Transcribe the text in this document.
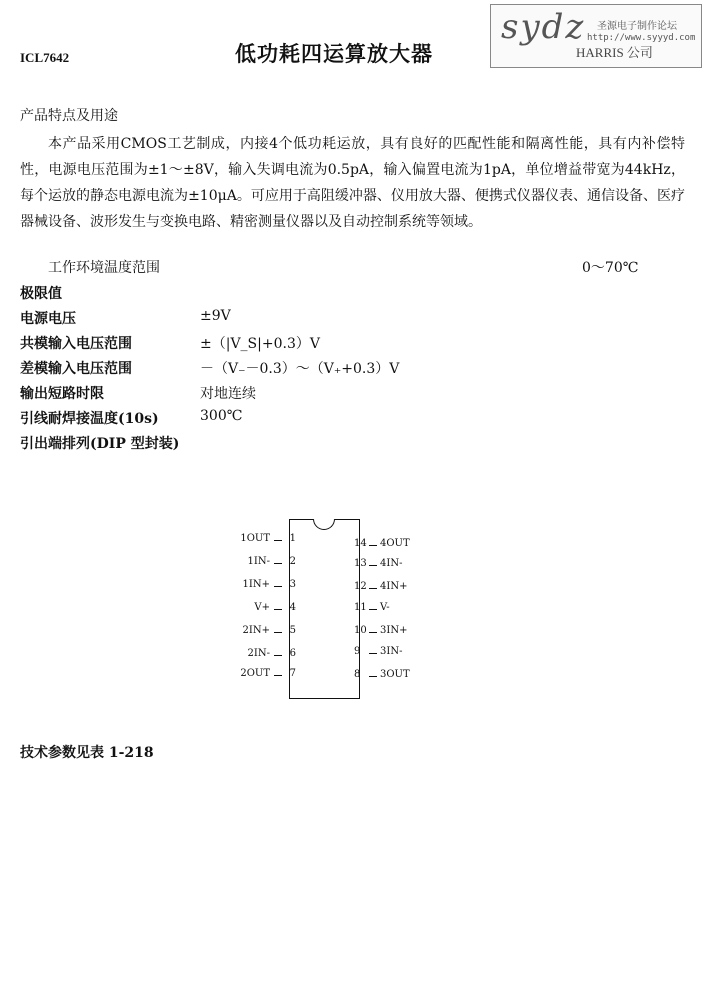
ICL7642	低功耗四运算放大器
sydz 圣源电子制作论坛
http://www.syyyd.com
HARRIS 公司
产品特点及用途

本产品采用CMOS工艺制成，内接4个低功耗运放，具有良好的匹配性能和隔离性能，具有内补偿特性，电源电压范围为±1～±8V，输入失调电流为0.5pA，输入偏置电流为1pA，单位增益带宽为44kHz，每个运放的静态电源电流为±10μA。可应用于高阻缓冲器、仪用放大器、便携式仪器仪表、通信设备、医疗器械设备、波形发生与变换电路、精密测量仪器以及自动控制系统等领域。

工作环境温度范围	0～70℃
极限值
电源电压	±9V
共模输入电压范围	±（|V_S|+0.3）V
差模输入电压范围	－（V₋－0.3）～（V₊+0.3）V
输出短路时限	对地连续
引线耐焊接温度(10s)	300℃
引出端排列(DIP 型封装)
1OUT 1
1IN- 2
1IN+ 3
V+ 4
2IN+ 5
2IN- 6
2OUT 7
14 4OUT
13 4IN-
12 4IN+
11 V-
10 3IN+
9 3IN-
8 3OUT
技术参数见表 1-218
